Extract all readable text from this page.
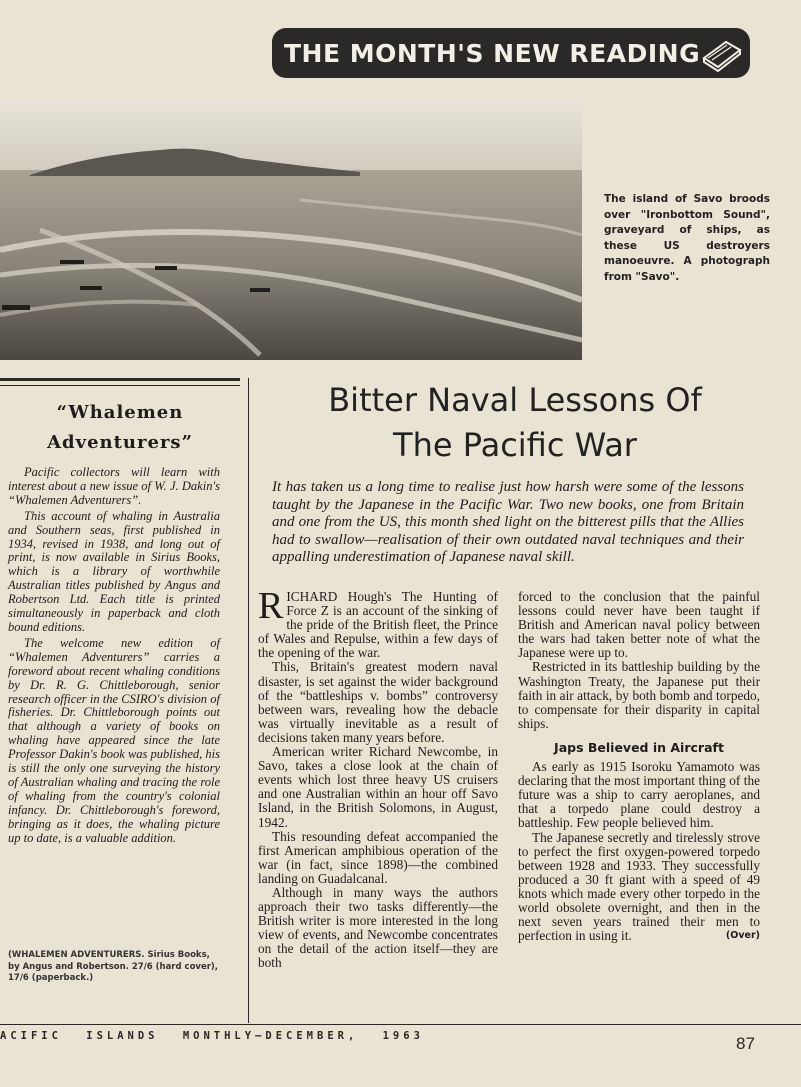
THE MONTH'S NEW READING
The island of Savo broods over "Ironbottom Sound", graveyard of ships, as these US destroyers manoeuvre. A photograph from "Savo".
“Whalemen
Adventurers”

Pacific collectors will learn with interest about a new issue of W. J. Dakin's “Whalemen Adventurers”.

This account of whaling in Australia and Southern seas, first published in 1934, revised in 1938, and long out of print, is now available in Sirius Books, which is a library of worthwhile Australian titles published by Angus and Robertson Ltd. Each title is printed simultaneously in paperback and cloth bound editions.

The welcome new edition of “Whalemen Adventurers” carries a foreword about recent whaling conditions by Dr. R. G. Chittleborough, senior research officer in the CSIRO's division of fisheries. Dr. Chittleborough points out that although a variety of books on whaling have appeared since the late Professor Dakin's book was published, his is still the only one surveying the history of Australian whaling and tracing the role of whaling from the country's colonial infancy. Dr. Chittleborough's foreword, bringing as it does, the whaling picture up to date, is a valuable addition.

(WHALEMEN ADVENTURERS. Sirius Books, by Angus and Robertson. 27/6 (hard cover), 17/6 (paperback.)
Bitter Naval Lessons Of
The Pacific War
It has taken us a long time to realise just how harsh were some of the lessons taught by the Japanese in the Pacific War. Two new books, one from Britain and one from the US, this month shed light on the bitterest pills that the Allies had to swallow—realisation of their own outdated naval techniques and their appalling underestimation of Japanese naval skill.

RICHARD Hough's The Hunting of Force Z is an account of the sinking of the pride of the British fleet, the Prince of Wales and Repulse, within a few days of the opening of the war.

This, Britain's greatest modern naval disaster, is set against the wider background of the “battleships v. bombs” controversy between wars, revealing how the debacle was virtually inevitable as a result of decisions taken many years before.

American writer Richard Newcombe, in Savo, takes a close look at the chain of events which lost three heavy US cruisers and one Australian within an hour off Savo Island, in the British Solomons, in August, 1942.

This resounding defeat accompanied the first American amphibious operation of the war (in fact, since 1898)—the combined landing on Guadalcanal.

Although in many ways the authors approach their two tasks differently—the British writer is more interested in the long view of events, and Newcombe concentrates on the detail of the action itself—they are both

forced to the conclusion that the painful lessons could never have been taught if British and American naval policy between the wars had taken better note of what the Japanese were up to.

Restricted in its battleship building by the Washington Treaty, the Japanese put their faith in air attack, by both bomb and torpedo, to compensate for their disparity in capital ships.

Japs Believed in Aircraft

As early as 1915 Isoroku Yamamoto was declaring that the most important thing of the future was a ship to carry aeroplanes, and that a torpedo plane could destroy a battleship. Few people believed him.

The Japanese secretly and tirelessly strove to perfect the first oxygen-powered torpedo between 1928 and 1933. They successfully produced a 30 ft giant with a speed of 49 knots which made every other torpedo in the world obsolete overnight, and then in the next seven years trained their men to perfection in using it.	(Over)

ACIFIC ISLANDS MONTHLY—DECEMBER, 1963	87
